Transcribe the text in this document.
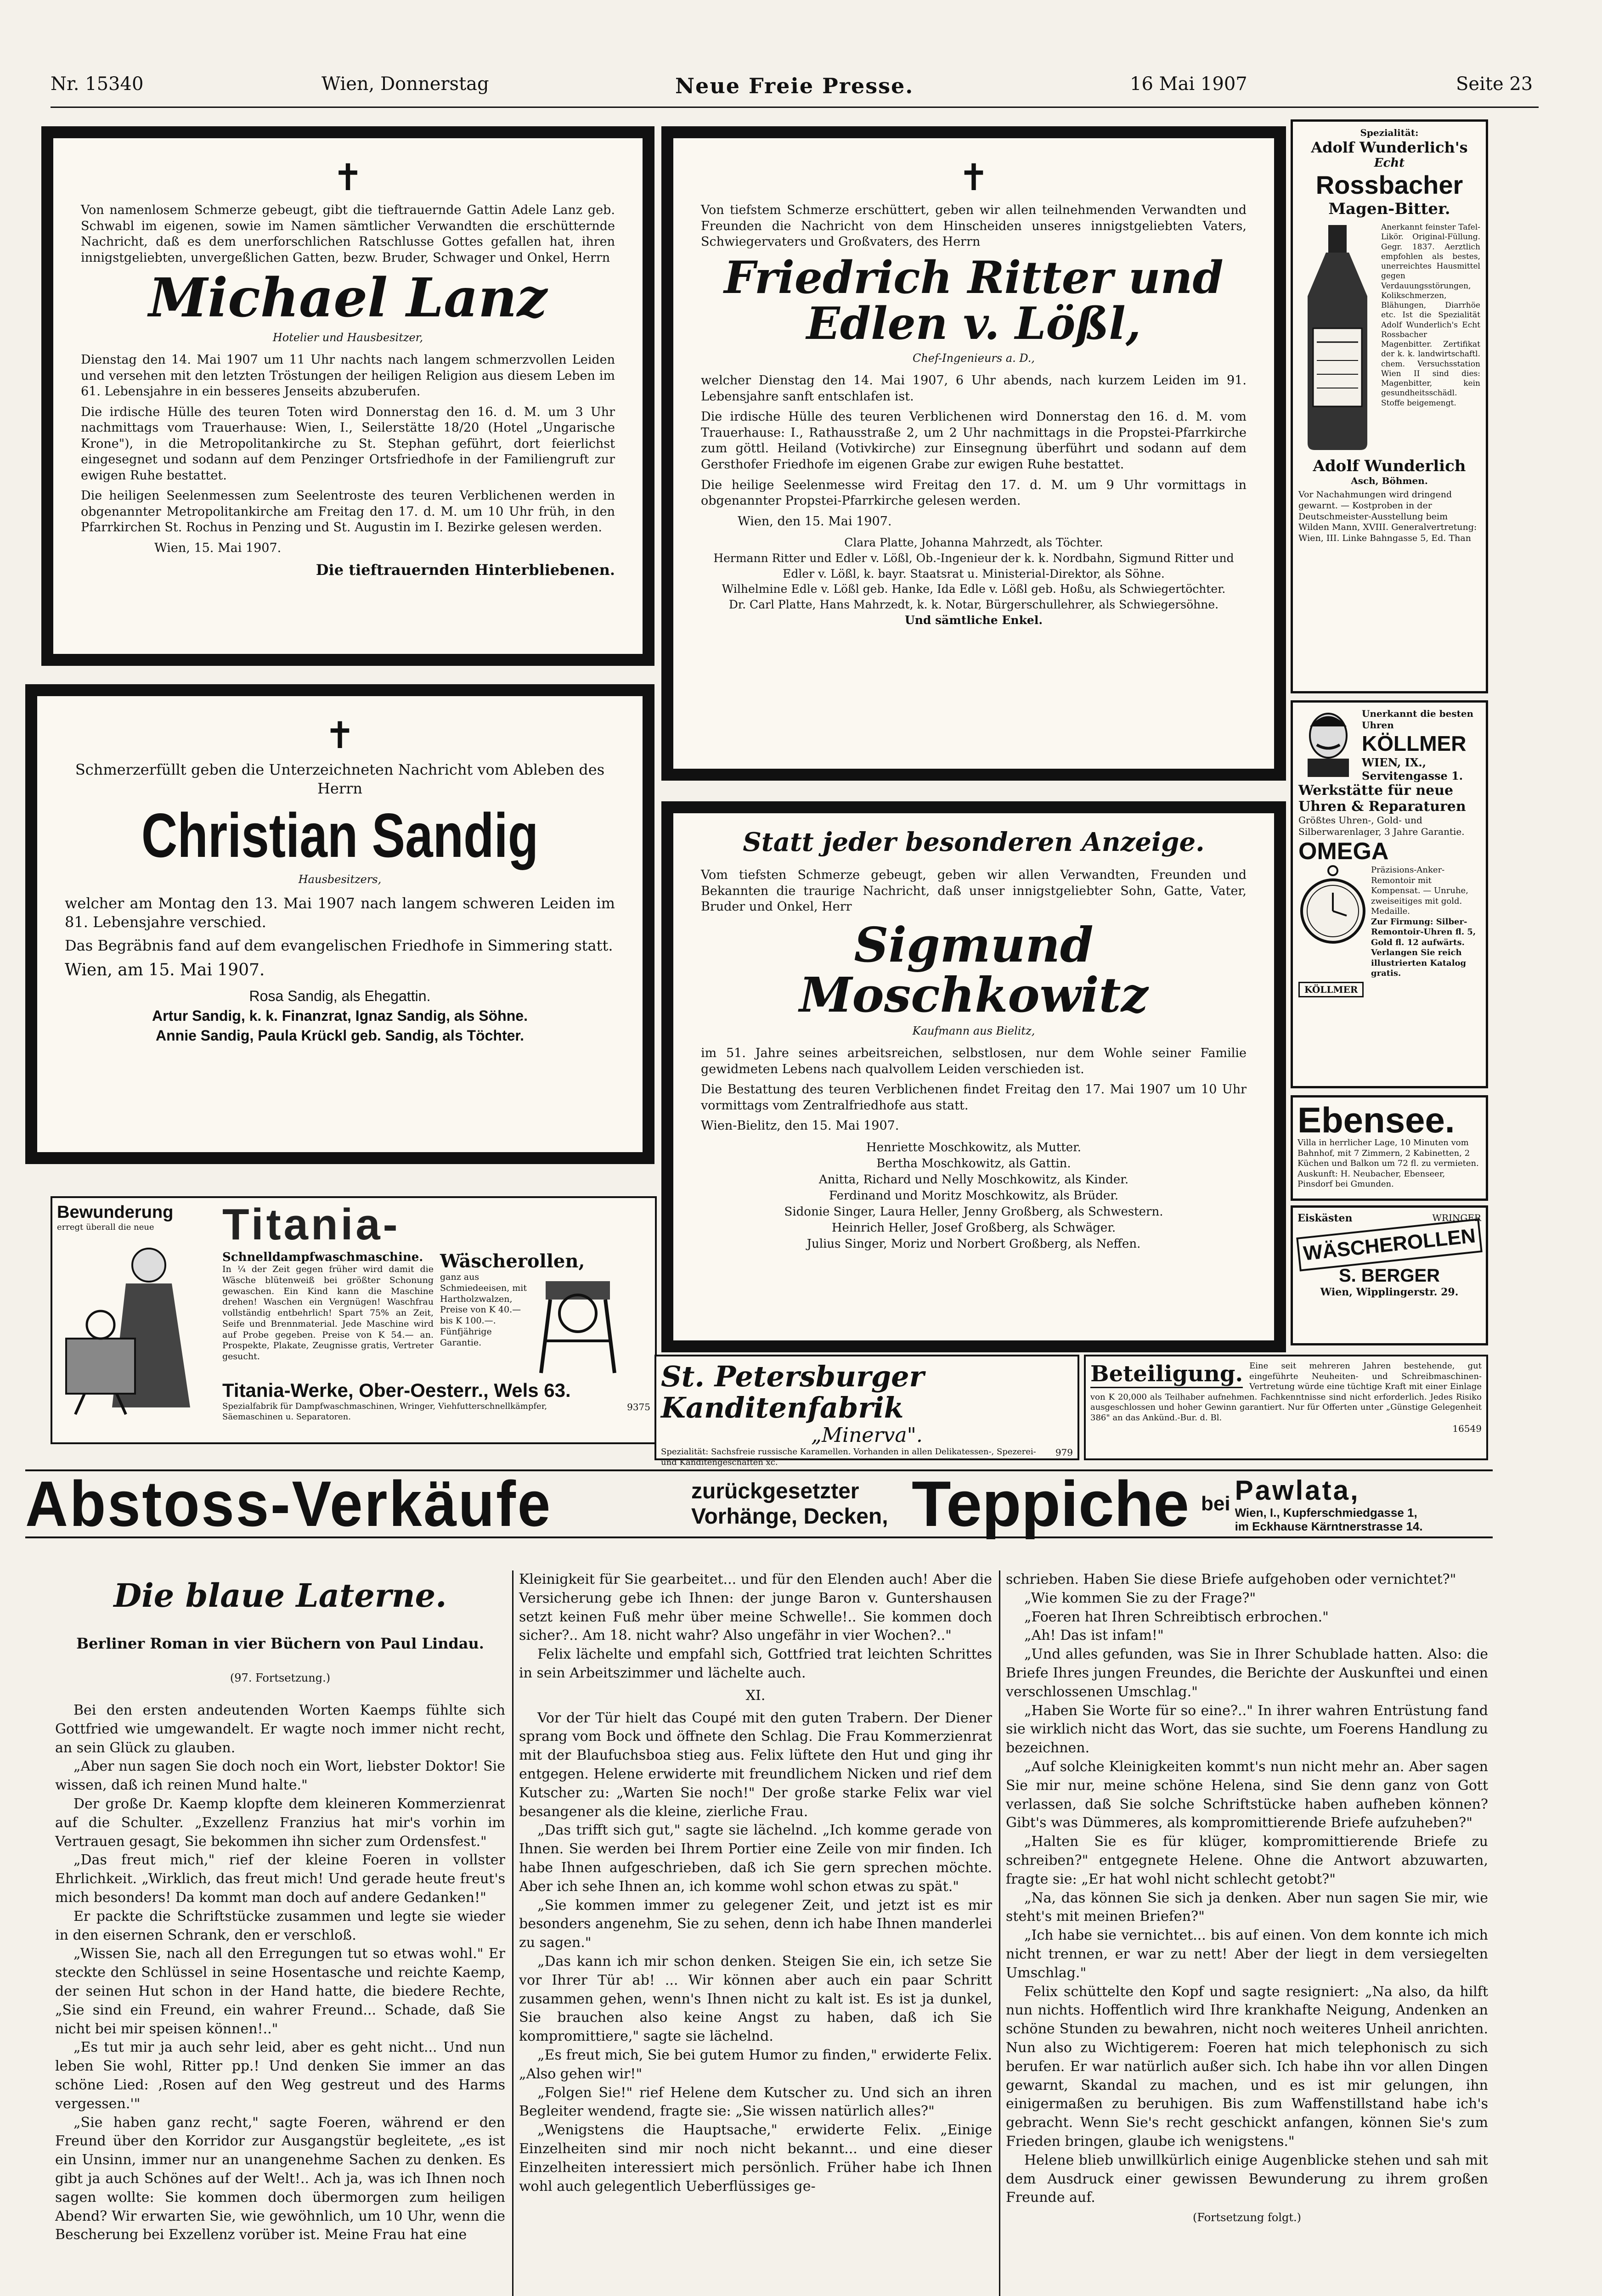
Nr. 15340	Wien, Donnerstag	Neue Freie Presse.	16 Mai 1907	Seite 23
✝

Von namenlosem Schmerze gebeugt, gibt die tieftrauernde Gattin Adele Lanz geb. Schwabl im eigenen, sowie im Namen sämtlicher Verwandten die erschütternde Nachricht, daß es dem unerforschlichen Ratschlusse Gottes gefallen hat, ihren innigstgeliebten, unvergeßlichen Gatten, bezw. Bruder, Schwager und Onkel, Herrn

Michael Lanz
Hotelier und Hausbesitzer,

Dienstag den 14. Mai 1907 um 11 Uhr nachts nach langem schmerzvollen Leiden und versehen mit den letzten Tröstungen der heiligen Religion aus diesem Leben im 61. Lebensjahre in ein besseres Jenseits abzuberufen.

Die irdische Hülle des teuren Toten wird Donnerstag den 16. d. M. um 3 Uhr nachmittags vom Trauerhause: Wien, I., Seilerstätte 18/20 (Hotel „Ungarische Krone"), in die Metropolitankirche zu St. Stephan geführt, dort feierlichst eingesegnet und sodann auf dem Penzinger Ortsfriedhofe in der Familiengruft zur ewigen Ruhe bestattet.

Die heiligen Seelenmessen zum Seelentroste des teuren Verblichenen werden in obgenannter Metropolitankirche am Freitag den 17. d. M. um 10 Uhr früh, in den Pfarrkirchen St. Rochus in Penzing und St. Augustin im I. Bezirke gelesen werden.

Wien, 15. Mai 1907.

Die tieftrauernden Hinterbliebenen.
✝

Von tiefstem Schmerze erschüttert, geben wir allen teilnehmenden Verwandten und Freunden die Nachricht von dem Hinscheiden unseres innigstgeliebten Vaters, Schwiegervaters und Großvaters, des Herrn

Friedrich Ritter und Edlen v. Lößl,
Chef-Ingenieurs a. D.,

welcher Dienstag den 14. Mai 1907, 6 Uhr abends, nach kurzem Leiden im 91. Lebensjahre sanft entschlafen ist.

Die irdische Hülle des teuren Verblichenen wird Donnerstag den 16. d. M. vom Trauerhause: I., Rathausstraße 2, um 2 Uhr nachmittags in die Propstei-Pfarrkirche zum göttl. Heiland (Votivkirche) zur Einsegnung überführt und sodann auf dem Gersthofer Friedhofe im eigenen Grabe zur ewigen Ruhe bestattet.

Die heilige Seelenmesse wird Freitag den 17. d. M. um 9 Uhr vormittags in obgenannter Propstei-Pfarrkirche gelesen werden.

Wien, den 15. Mai 1907.

Clara Platte, Johanna Mahrzedt, als Töchter.
Hermann Ritter und Edler v. Lößl, Ob.-Ingenieur der k. k. Nordbahn, Sigmund Ritter und Edler v. Lößl, k. bayr. Staatsrat u. Ministerial-Direktor, als Söhne.
Wilhelmine Edle v. Lößl geb. Hanke, Ida Edle v. Lößl geb. Hoßu, als Schwiegertöchter.
Dr. Carl Platte, Hans Mahrzedt, k. k. Notar, Bürgerschullehrer, als Schwiegersöhne.
Und sämtliche Enkel.
✝

Schmerzerfüllt geben die Unterzeichneten Nachricht vom Ableben des Herrn

Christian Sandig
Hausbesitzers,

welcher am Montag den 13. Mai 1907 nach langem schweren Leiden im 81. Lebensjahre verschied.

Das Begräbnis fand auf dem evangelischen Friedhofe in Simmering statt.

Wien, am 15. Mai 1907.

Rosa Sandig, als Ehegattin.
Artur Sandig, k. k. Finanzrat, Ignaz Sandig, als Söhne.
Annie Sandig, Paula Krückl geb. Sandig, als Töchter.
Statt jeder besonderen Anzeige.

Vom tiefsten Schmerze gebeugt, geben wir allen Verwandten, Freunden und Bekannten die traurige Nachricht, daß unser innigstgeliebter Sohn, Gatte, Vater, Bruder und Onkel, Herr

Sigmund Moschkowitz
Kaufmann aus Bielitz,

im 51. Jahre seines arbeitsreichen, selbstlosen, nur dem Wohle seiner Familie gewidmeten Lebens nach qualvollem Leiden verschieden ist.

Die Bestattung des teuren Verblichenen findet Freitag den 17. Mai 1907 um 10 Uhr vormittags vom Zentralfriedhofe aus statt.

Wien-Bielitz, den 15. Mai 1907.

Henriette Moschkowitz, als Mutter.
Bertha Moschkowitz, als Gattin.
Anitta, Richard und Nelly Moschkowitz, als Kinder.
Ferdinand und Moritz Moschkowitz, als Brüder.
Sidonie Singer, Laura Heller, Jenny Großberg, als Schwestern.
Heinrich Heller, Josef Großberg, als Schwäger.
Julius Singer, Moriz und Norbert Großberg, als Neffen.
Spezialität:
Adolf Wunderlich's
Echt
Rossbacher
Magen-Bitter.
Anerkannt feinster Tafel-Likör. Original-Füllung. Gegr. 1837. Aerztlich empfohlen als bestes, unerreichtes Hausmittel gegen Verdauungsstörungen, Kolikschmerzen, Blähungen, Diarrhöe etc. Ist die Spezialität Adolf Wunderlich's Echt Rossbacher Magenbitter. Zertifikat der k. k. landwirtschaftl. chem. Versuchsstation Wien II sind dies: Magenbitter, kein gesundheitsschädl. Stoffe beigemengt.
Adolf Wunderlich
Asch, Böhmen.
Vor Nachahmungen wird dringend gewarnt. — Kostproben in der Deutschmeister-Ausstellung beim Wilden Mann, XVIII. Generalvertretung: Wien, III. Linke Bahngasse 5, Ed. Than
Unerkannt die besten Uhren
KÖLLMER
WIEN, IX., Servitengasse 1.
Werkstätte für neue Uhren & Reparaturen
Größtes Uhren-, Gold- und Silberwarenlager, 3 Jahre Garantie.
OMEGA
Präzisions-Anker-Remontoir mit Kompensat. — Unruhe, zweiseitiges mit gold. Medaille.
Zur Firmung: Silber-Remontoir-Uhren fl. 5, Gold fl. 12 aufwärts.
Verlangen Sie reich illustrierten Katalog gratis.
KÖLLMER
Ebensee.
Villa in herrlicher Lage, 10 Minuten vom Bahnhof, mit 7 Zimmern, 2 Kabinetten, 2 Küchen und Balkon um 72 fl. zu vermieten. Auskunft: H. Neubacher, Ebenseer, Pinsdorf bei Gmunden.
Eiskästen	WRINGER
WÄSCHEROLLEN
S. BERGER
Wien, Wipplingerstr. 29.
Bewunderung
erregt überall die neue	Titania-
Schnelldampfwaschmaschine.
In ¼ der Zeit gegen früher wird damit die Wäsche blütenweiß bei größter Schonung gewaschen. Ein Kind kann die Maschine drehen! Waschen ein Vergnügen! Waschfrau vollständig entbehrlich! Spart 75% an Zeit, Seife und Brennmaterial. Jede Maschine wird auf Probe gegeben. Preise von K 54.— an. Prospekte, Plakate, Zeugnisse gratis, Vertreter gesucht.
Wäscherollen,
ganz aus Schmiedeeisen, mit Hartholzwalzen, Preise von K 40.— bis K 100.—. Fünfjährige Garantie.
Titania-Werke, Ober-Oesterr., Wels 63.
Spezialfabrik für Dampfwaschmaschinen, Wringer, Viehfutterschnellkämpfer, Säemaschinen u. Separatoren.
9375
St. Petersburger Kanditenfabrik
„Minerva".
Spezialität: Sachsfreie russische Karamellen. Vorhanden in allen Delikatessen-, Spezerei- und Kanditengeschäften xc.
979
Beteiligung. Eine seit mehreren Jahren bestehende, gut eingeführte Neuheiten- und Schreibmaschinen-Vertretung würde eine tüchtige Kraft mit einer Einlage von K 20,000 als Teilhaber aufnehmen. Fachkenntnisse sind nicht erforderlich. Jedes Risiko ausgeschlossen und hoher Gewinn garantiert. Nur für Offerten unter „Günstige Gelegenheit 386" an das Ankünd.-Bur. d. Bl.
16549
Abstoss-Verkäufe	zurückgesetzter
Vorhänge, Decken, Teppiche bei Pawlata,
Wien, I., Kupferschmiedgasse 1,
im Eckhause Kärntnerstrasse 14.
Die blaue Laterne.
Berliner Roman in vier Büchern von Paul Lindau.
(97. Fortsetzung.)

Bei den ersten andeutenden Worten Kaemps fühlte sich Gottfried wie umgewandelt. Er wagte noch immer nicht recht, an sein Glück zu glauben.

„Aber nun sagen Sie doch noch ein Wort, liebster Doktor! Sie wissen, daß ich reinen Mund halte."

Der große Dr. Kaemp klopfte dem kleineren Kommerzienrat auf die Schulter. „Exzellenz Franzius hat mir's vorhin im Vertrauen gesagt, Sie bekommen ihn sicher zum Ordensfest."

„Das freut mich," rief der kleine Foeren in vollster Ehrlichkeit. „Wirklich, das freut mich! Und gerade heute freut's mich besonders! Da kommt man doch auf andere Gedanken!"

Er packte die Schriftstücke zusammen und legte sie wieder in den eisernen Schrank, den er verschloß.

„Wissen Sie, nach all den Erregungen tut so etwas wohl." Er steckte den Schlüssel in seine Hosentasche und reichte Kaemp, der seinen Hut schon in der Hand hatte, die biedere Rechte, „Sie sind ein Freund, ein wahrer Freund... Schade, daß Sie nicht bei mir speisen können!.."

„Es tut mir ja auch sehr leid, aber es geht nicht... Und nun leben Sie wohl, Ritter pp.! Und denken Sie immer an das schöne Lied: ‚Rosen auf den Weg gestreut und des Harms vergessen.'"

„Sie haben ganz recht," sagte Foeren, während er den Freund über den Korridor zur Ausgangstür begleitete, „es ist ein Unsinn, immer nur an unangenehme Sachen zu denken. Es gibt ja auch Schönes auf der Welt!.. Ach ja, was ich Ihnen noch sagen wollte: Sie kommen doch übermorgen zum heiligen Abend? Wir erwarten Sie, wie gewöhnlich, um 10 Uhr, wenn die Bescherung bei Exzellenz vorüber ist. Meine Frau hat eine

Kleinigkeit für Sie gearbeitet... und für den Elenden auch! Aber die Versicherung gebe ich Ihnen: der junge Baron v. Guntershausen setzt keinen Fuß mehr über meine Schwelle!.. Sie kommen doch sicher?.. Am 18. nicht wahr? Also ungefähr in vier Wochen?.."

Felix lächelte und empfahl sich, Gottfried trat leichten Schrittes in sein Arbeitszimmer und lächelte auch.

XI.

Vor der Tür hielt das Coupé mit den guten Trabern. Der Diener sprang vom Bock und öffnete den Schlag. Die Frau Kommerzienrat mit der Blaufuchsboa stieg aus. Felix lüftete den Hut und ging ihr entgegen. Helene erwiderte mit freundlichem Nicken und rief dem Kutscher zu: „Warten Sie noch!" Der große starke Felix war viel besangener als die kleine, zierliche Frau.

„Das trifft sich gut," sagte sie lächelnd. „Ich komme gerade von Ihnen. Sie werden bei Ihrem Portier eine Zeile von mir finden. Ich habe Ihnen aufgeschrieben, daß ich Sie gern sprechen möchte. Aber ich sehe Ihnen an, ich komme wohl schon etwas zu spät."

„Sie kommen immer zu gelegener Zeit, und jetzt ist es mir besonders angenehm, Sie zu sehen, denn ich habe Ihnen manderlei zu sagen."

„Das kann ich mir schon denken. Steigen Sie ein, ich setze Sie vor Ihrer Tür ab! ... Wir können aber auch ein paar Schritt zusammen gehen, wenn's Ihnen nicht zu kalt ist. Es ist ja dunkel, Sie brauchen also keine Angst zu haben, daß ich Sie kompromittiere," sagte sie lächelnd.

„Es freut mich, Sie bei gutem Humor zu finden," erwiderte Felix. „Also gehen wir!"

„Folgen Sie!" rief Helene dem Kutscher zu. Und sich an ihren Begleiter wendend, fragte sie: „Sie wissen natürlich alles?"

„Wenigstens die Hauptsache," erwiderte Felix. „Einige Einzelheiten sind mir noch nicht bekannt... und eine dieser Einzelheiten interessiert mich persönlich. Früher habe ich Ihnen wohl auch gelegentlich Ueberflüssiges ge-

schrieben. Haben Sie diese Briefe aufgehoben oder vernichtet?"

„Wie kommen Sie zu der Frage?"

„Foeren hat Ihren Schreibtisch erbrochen."

„Ah! Das ist infam!"

„Und alles gefunden, was Sie in Ihrer Schublade hatten. Also: die Briefe Ihres jungen Freundes, die Berichte der Auskunftei und einen verschlossenen Umschlag."

„Haben Sie Worte für so eine?.." In ihrer wahren Entrüstung fand sie wirklich nicht das Wort, das sie suchte, um Foerens Handlung zu bezeichnen.

„Auf solche Kleinigkeiten kommt's nun nicht mehr an. Aber sagen Sie mir nur, meine schöne Helena, sind Sie denn ganz von Gott verlassen, daß Sie solche Schriftstücke haben aufheben können? Gibt's was Dümmeres, als kompromittierende Briefe aufzuheben?"

„Halten Sie es für klüger, kompromittierende Briefe zu schreiben?" entgegnete Helene. Ohne die Antwort abzuwarten, fragte sie: „Er hat wohl nicht schlecht getobt?"

„Na, das können Sie sich ja denken. Aber nun sagen Sie mir, wie steht's mit meinen Briefen?"

„Ich habe sie vernichtet... bis auf einen. Von dem konnte ich mich nicht trennen, er war zu nett! Aber der liegt in dem versiegelten Umschlag."

Felix schüttelte den Kopf und sagte resigniert: „Na also, da hilft nun nichts. Hoffentlich wird Ihre krankhafte Neigung, Andenken an schöne Stunden zu bewahren, nicht noch weiteres Unheil anrichten. Nun also zu Wichtigerem: Foeren hat mich telephonisch zu sich berufen. Er war natürlich außer sich. Ich habe ihn vor allen Dingen gewarnt, Skandal zu machen, und es ist mir gelungen, ihn einigermaßen zu beruhigen. Bis zum Waffenstillstand habe ich's gebracht. Wenn Sie's recht geschickt anfangen, können Sie's zum Frieden bringen, glaube ich wenigstens."

Helene blieb unwillkürlich einige Augenblicke stehen und sah mit dem Ausdruck einer gewissen Bewunderung zu ihrem großen Freunde auf.

(Fortsetzung folgt.)
